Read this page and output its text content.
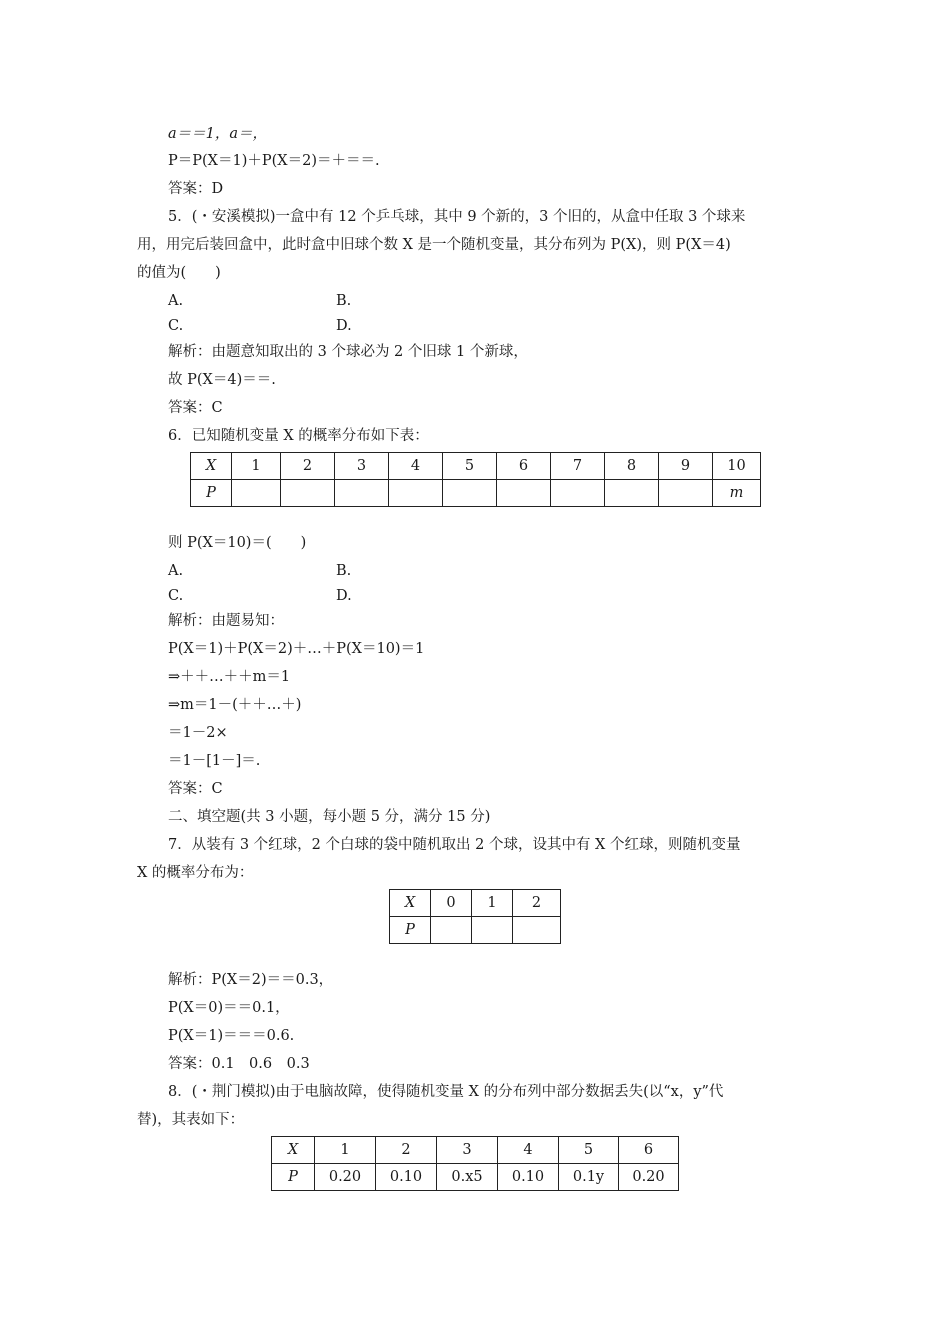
a＝＝1，a＝，
P＝P(X＝1)＋P(X＝2)＝＋＝＝.
答案：D
5．(・安溪模拟)一盒中有 12 个乒乓球，其中 9 个新的，3 个旧的，从盒中任取 3 个球来
用，用完后装回盒中，此时盒中旧球个数 X 是一个随机变量，其分布列为 P(X)，则 P(X＝4)
的值为(　　)
A.	B.
C.	D.
解析：由题意知取出的 3 个球必为 2 个旧球 1 个新球，
故 P(X＝4)＝＝.
答案：C
6．已知随机变量 X 的概率分布如下表：
X	1	2	3	4	5	6	7	8	9	10
P										m
则 P(X＝10)＝(　　)
A.	B.
C.	D.
解析：由题易知：
P(X＝1)＋P(X＝2)＋…＋P(X＝10)＝1
⇒＋＋…＋＋m＝1
⇒m＝1－(＋＋…＋)
＝1－2×
＝1－[1－]＝.
答案：C
二、填空题(共 3 小题，每小题 5 分，满分 15 分)
7．从装有 3 个红球，2 个白球的袋中随机取出 2 个球，设其中有 X 个红球，则随机变量
X 的概率分布为：
X	0	1	2
P			
解析：P(X＝2)＝＝0.3，
P(X＝0)＝＝0.1，
P(X＝1)＝＝＝0.6.
答案：0.1　0.6　0.3
8．(・荆门模拟)由于电脑故障，使得随机变量 X 的分布列中部分数据丢失(以“x，y”代
替)，其表如下：
X	1	2	3	4	5	6
P	0.20	0.10	0.x5	0.10	0.1y	0.20
